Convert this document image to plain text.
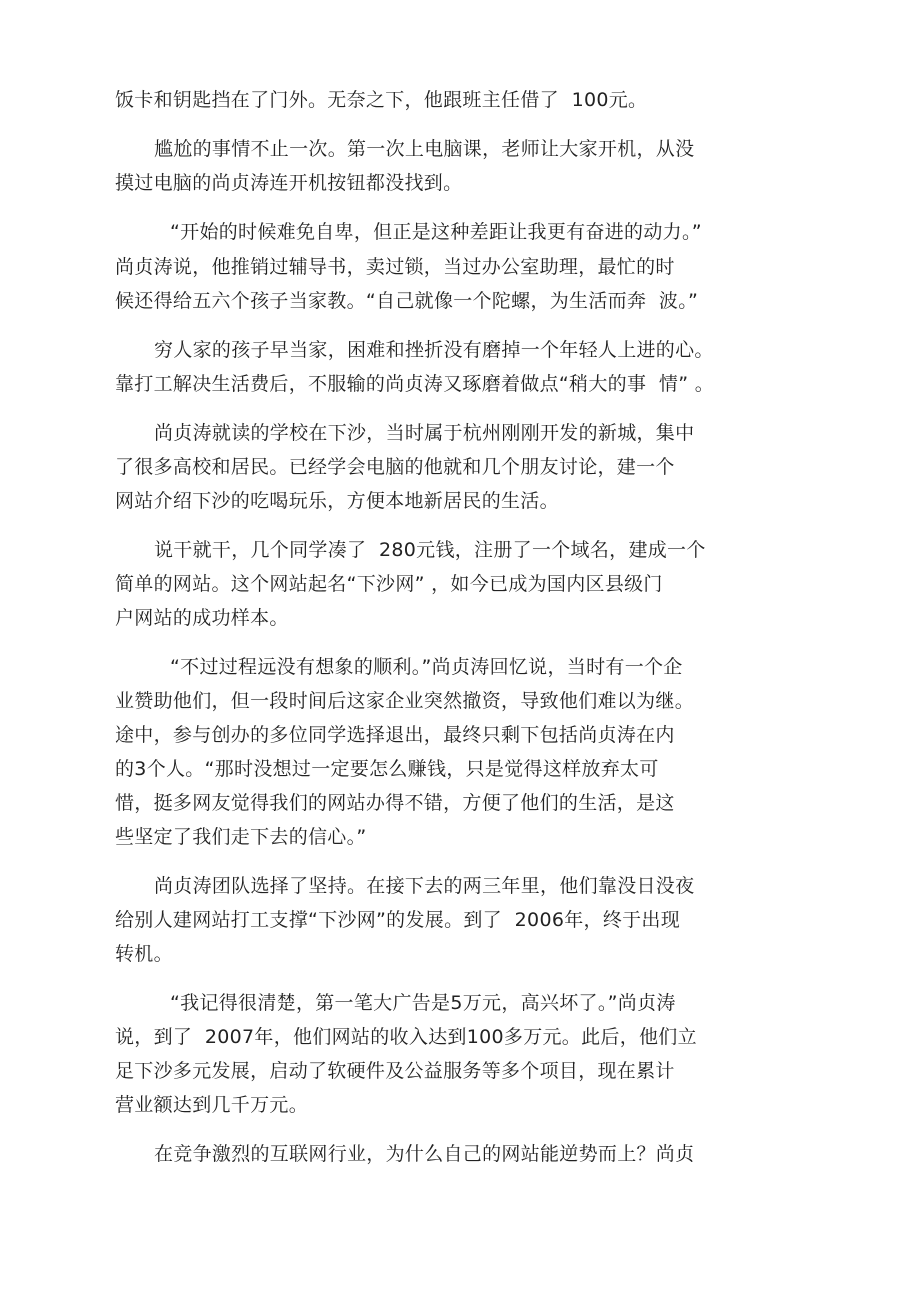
饭卡和钥匙挡在了门外。无奈之下，他跟班主任借了  100元。
尴尬的事情不止一次。第一次上电脑课，老师让大家开机，从没
摸过电脑的尚贞涛连开机按钮都没找到。
“开始的时候难免自卑，但正是这种差距让我更有奋进的动力。”
尚贞涛说，他推销过辅导书，卖过锁，当过办公室助理，最忙的时
候还得给五六个孩子当家教。“自己就像一个陀螺，为生活而奔  波。”
穷人家的孩子早当家，困难和挫折没有磨掉一个年轻人上进的心。
靠打工解决生活费后，不服输的尚贞涛又琢磨着做点“稍大的事  情” 。
尚贞涛就读的学校在下沙，当时属于杭州刚刚开发的新城，集中
了很多高校和居民。已经学会电脑的他就和几个朋友讨论，建一个
网站介绍下沙的吃喝玩乐，方便本地新居民的生活。
说干就干，几个同学凑了  280元钱，注册了一个域名，建成一个
简单的网站。这个网站起名“下沙网” ，如今已成为国内区县级门
户网站的成功样本。
“不过过程远没有想象的顺利。”尚贞涛回忆说，当时有一个企
业赞助他们，但一段时间后这家企业突然撤资，导致他们难以为继。
途中，参与创办的多位同学选择退出，最终只剩下包括尚贞涛在内
的3个人。“那时没想过一定要怎么赚钱，只是觉得这样放弃太可
惜，挺多网友觉得我们的网站办得不错，方便了他们的生活，是这
些坚定了我们走下去的信心。”
尚贞涛团队选择了坚持。在接下去的两三年里，他们靠没日没夜
给别人建网站打工支撑“下沙网”的发展。到了  2006年，终于出现
转机。
“我记得很清楚，第一笔大广告是5万元，高兴坏了。”尚贞涛
说，到了  2007年，他们网站的收入达到100多万元。此后，他们立
足下沙多元发展，启动了软硬件及公益服务等多个项目，现在累计
营业额达到几千万元。
在竞争激烈的互联网行业，为什么自己的网站能逆势而上？尚贞
